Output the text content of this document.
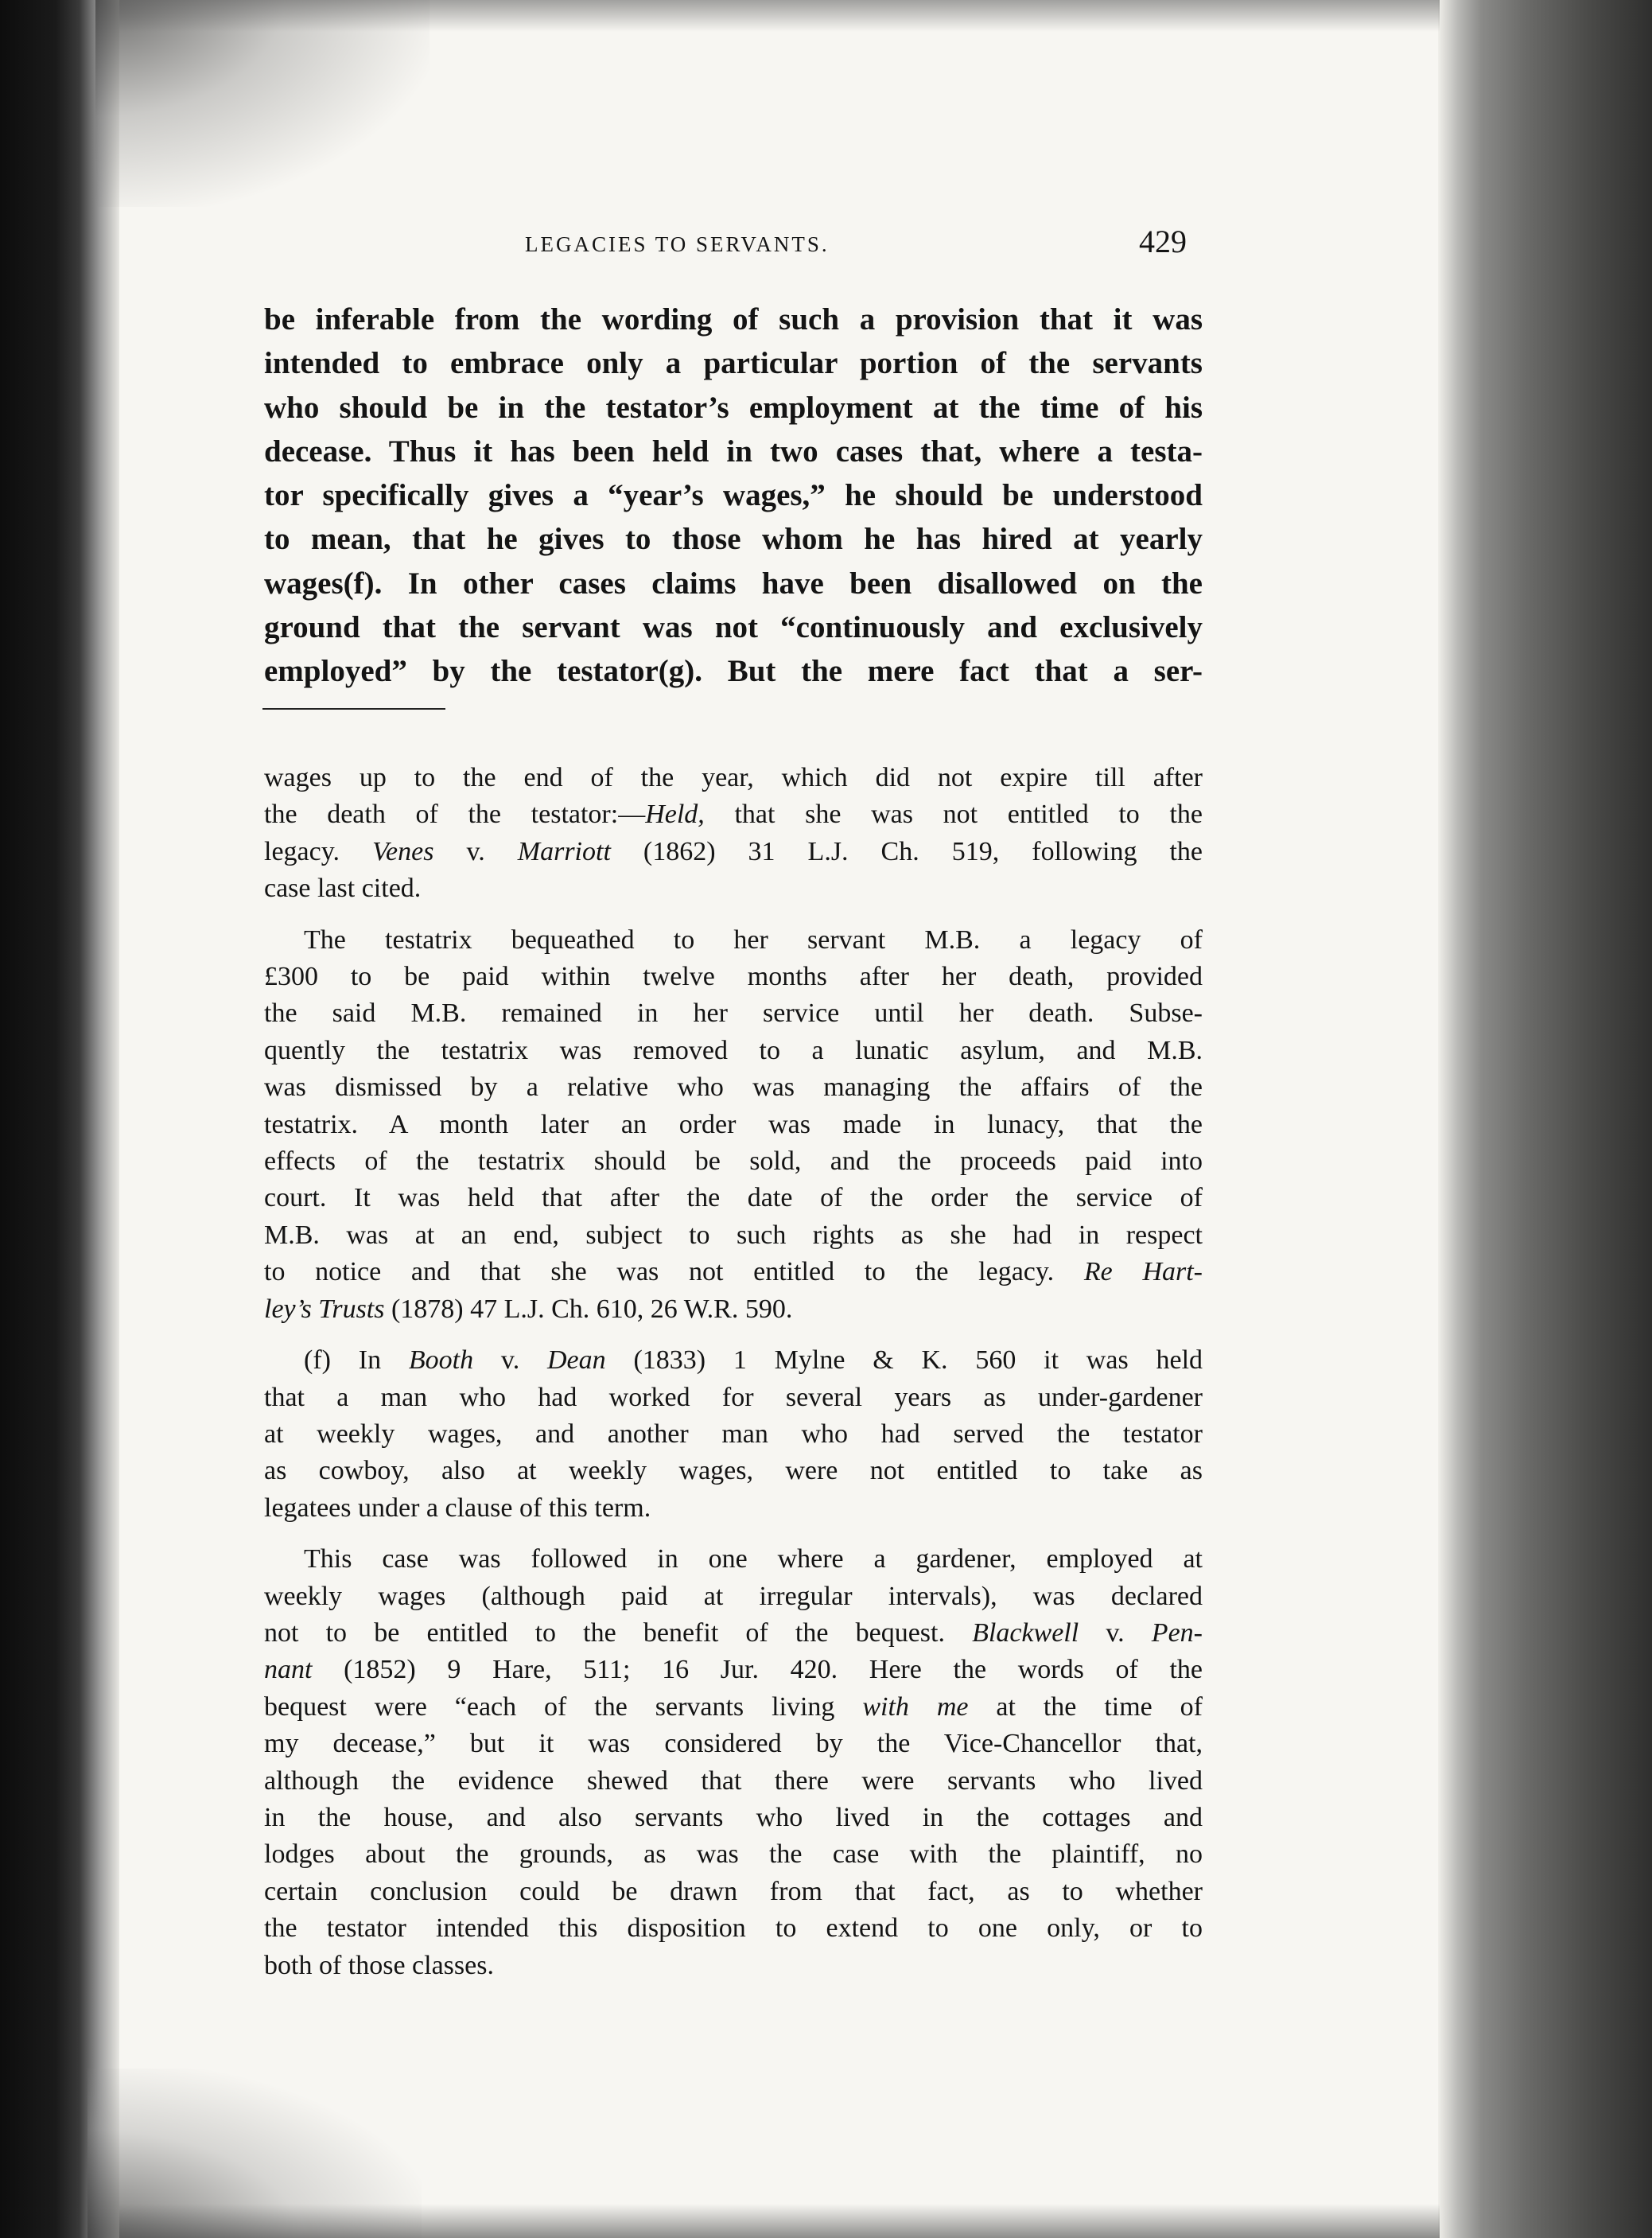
LEGACIES TO SERVANTS.	429
be inferable from the wording of such a provision that it was
intended to embrace only a particular portion of the servants
who should be in the testator’s employment at the time of his
decease. Thus it has been held in two cases that, where a testa-
tor specifically gives a “year’s wages,” he should be understood
to mean, that he gives to those whom he has hired at yearly
wages(f). In other cases claims have been disallowed on the
ground that the servant was not “continuously and exclusively
employed” by the testator(g). But the mere fact that a ser-
wages up to the end of the year, which did not expire till after
the death of the testator:—Held, that she was not entitled to the
legacy. Venes v. Marriott (1862) 31 L.J. Ch. 519, following the
case last cited.
The testatrix bequeathed to her servant M.B. a legacy of
£300 to be paid within twelve months after her death, provided
the said M.B. remained in her service until her death. Subse-
quently the testatrix was removed to a lunatic asylum, and M.B.
was dismissed by a relative who was managing the affairs of the
testatrix. A month later an order was made in lunacy, that the
effects of the testatrix should be sold, and the proceeds paid into
court. It was held that after the date of the order the service of
M.B. was at an end, subject to such rights as she had in respect
to notice and that she was not entitled to the legacy. Re Hart-
ley’s Trusts (1878) 47 L.J. Ch. 610, 26 W.R. 590.
(f) In Booth v. Dean (1833) 1 Mylne & K. 560 it was held
that a man who had worked for several years as under-gardener
at weekly wages, and another man who had served the testator
as cowboy, also at weekly wages, were not entitled to take as
legatees under a clause of this term.
This case was followed in one where a gardener, employed at
weekly wages (although paid at irregular intervals), was declared
not to be entitled to the benefit of the bequest. Blackwell v. Pen-
nant (1852) 9 Hare, 511; 16 Jur. 420. Here the words of the
bequest were “each of the servants living with me at the time of
my decease,” but it was considered by the Vice-Chancellor that,
although the evidence shewed that there were servants who lived
in the house, and also servants who lived in the cottages and
lodges about the grounds, as was the case with the plaintiff, no
certain conclusion could be drawn from that fact, as to whether
the testator intended this disposition to extend to one only, or to
both of those classes.
